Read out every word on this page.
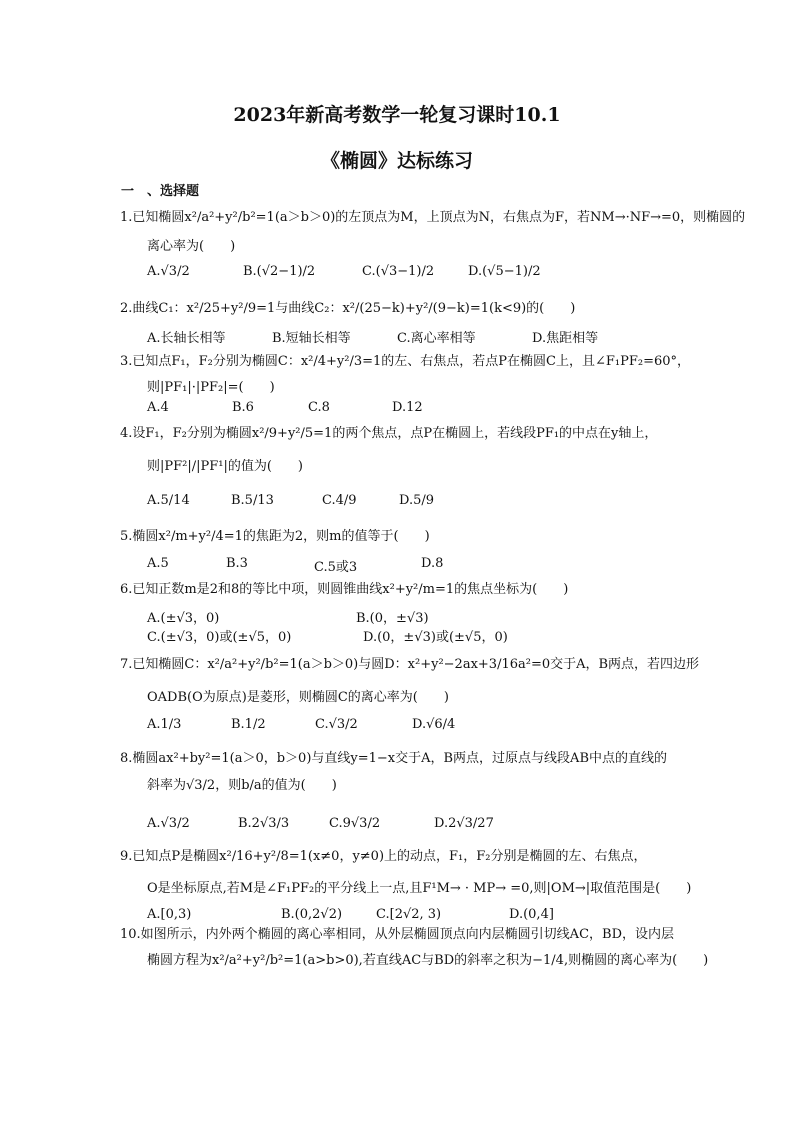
2023年新高考数学一轮复习课时10.1
《椭圆》达标练习
一　、选择题
1.已知椭圆x²/a²+y²/b²=1(a＞b＞0)的左顶点为M，上顶点为N，右焦点为F，若NM→·NF→=0，则椭圆的
离心率为(　　)
A.√3/2	B.(√2−1)/2	C.(√3−1)/2	D.(√5−1)/2
2.曲线C₁：x²/25+y²/9=1与曲线C₂：x²/(25−k)+y²/(9−k)=1(k<9)的(　　)
A.长轴长相等	B.短轴长相等	C.离心率相等	D.焦距相等
3.已知点F₁，F₂分别为椭圆C：x²/4+y²/3=1的左、右焦点，若点P在椭圆C上，且∠F₁PF₂=60°，
则|PF₁|·|PF₂|=(　　)
A.4	B.6	C.8	D.12
4.设F₁，F₂分别为椭圆x²/9+y²/5=1的两个焦点，点P在椭圆上，若线段PF₁的中点在y轴上，
则|PF²|/|PF¹|的值为(　　)
A.5/14	B.5/13	C.4/9	D.5/9
5.椭圆x²/m+y²/4=1的焦距为2，则m的值等于(　　)
A.5	B.3	C.5或3	D.8
6.已知正数m是2和8的等比中项，则圆锥曲线x²+y²/m=1的焦点坐标为(　　)
A.(±√3，0)	B.(0，±√3)
C.(±√3，0)或(±√5，0)	D.(0，±√3)或(±√5，0)
7.已知椭圆C：x²/a²+y²/b²=1(a＞b＞0)与圆D：x²+y²−2ax+3/16a²=0交于A，B两点，若四边形
OADB(O为原点)是菱形，则椭圆C的离心率为(　　)
A.1/3	B.1/2	C.√3/2	D.√6/4
8.椭圆ax²+by²=1(a＞0，b＞0)与直线y=1−x交于A，B两点，过原点与线段AB中点的直线的
斜率为√3/2，则b/a的值为(　　)
A.√3/2	B.2√3/3	C.9√3/2	D.2√3/27
9.已知点P是椭圆x²/16+y²/8=1(x≠0，y≠0)上的动点，F₁，F₂分别是椭圆的左、右焦点，
O是坐标原点,若M是∠F₁PF₂的平分线上一点,且F¹M→ · MP→ =0,则|OM→|取值范围是(　　)
A.[0,3)	B.(0,2√2)	C.[2√2, 3)	D.(0,4]
10.如图所示，内外两个椭圆的离心率相同，从外层椭圆顶点向内层椭圆引切线AC，BD，设内层
椭圆方程为x²/a²+y²/b²=1(a>b>0),若直线AC与BD的斜率之积为−1/4,则椭圆的离心率为(　　)
